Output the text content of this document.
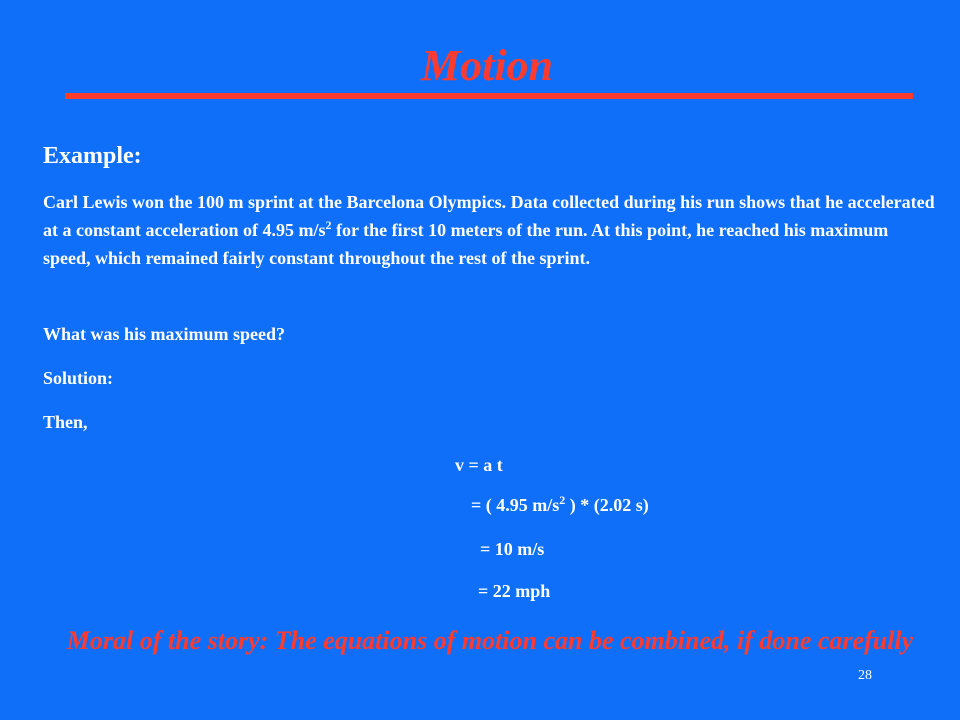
Motion
Example:

Carl Lewis won the 100 m sprint at the Barcelona Olympics. Data collected during his run shows that he accelerated at a constant acceleration of 4.95 $m/s^2$ for the first 10 meters of the run. At this point, he reached his maximum speed, which remained fairly constant throughout the rest of the sprint.

What was his maximum speed?

Solution:

Then,

v = a t

= ( 4.95 $m/s^2$ ) * (2.02 s)

= 10 m/s

= 22 mph

Moral of the story: The equations of motion can be combined, if done carefully

28
